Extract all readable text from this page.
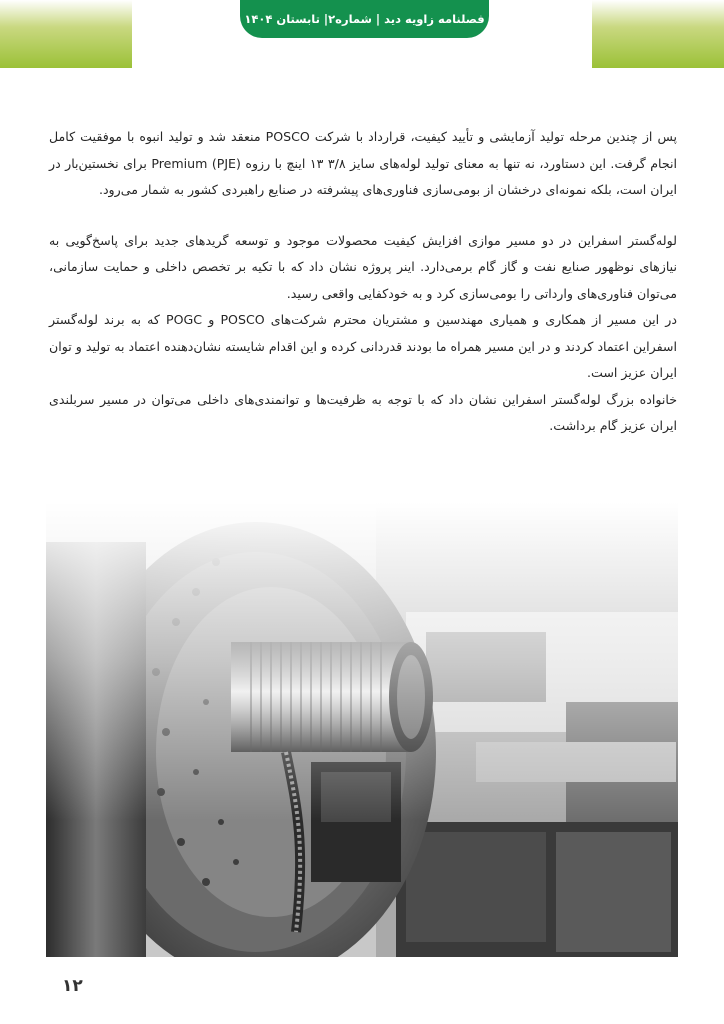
فصلنامه زاویه دید | شماره۲| تابستان ۱۴۰۴

پس از چندین مرحله تولید آزمایشی و تأیید کیفیت، قرارداد با شرکت POSCO منعقد شد و تولید انبوه با موفقیت کامل انجام گرفت. این دستاورد، نه تنها به معنای تولید لوله‌های سایز ۳/۸ ۱۳ اینچ با رزوه Premium (PJE) برای نخستین‌بار در ایران است، بلکه نمونه‌ای درخشان از بومی‌سازی فناوری‌های پیشرفته در صنایع راهبردی کشور به شمار می‌رود.

لوله‌گستر اسفراین در دو مسیر موازی افزایش کیفیت محصولات موجود و توسعه گریدهای جدید برای پاسخ‌گویی به نیازهای نوظهور صنایع نفت و گاز گام برمی‌دارد. اینر پروژه نشان داد که با تکیه بر تخصص داخلی و حمایت سازمانی، می‌توان فناوری‌های وارداتی را بومی‌سازی کرد و به خودکفایی واقعی رسید.

در این مسیر از همکاری و همیاری مهندسین و مشتریان محترم شرکت‌های POSCO و POGC که به برند لوله‌گستر اسفراین اعتماد کردند و در این مسیر همراه ما بودند قدردانی کرده و این اقدام شایسته نشان‌دهنده اعتماد به تولید و توان ایران عزیز است.

خانواده بزرگ لوله‌گستر اسفراین نشان داد که با توجه به ظرفیت‌ها و توانمندی‌های داخلی می‌توان در مسیر سربلندی ایران عزیز گام برداشت.

۱۲
